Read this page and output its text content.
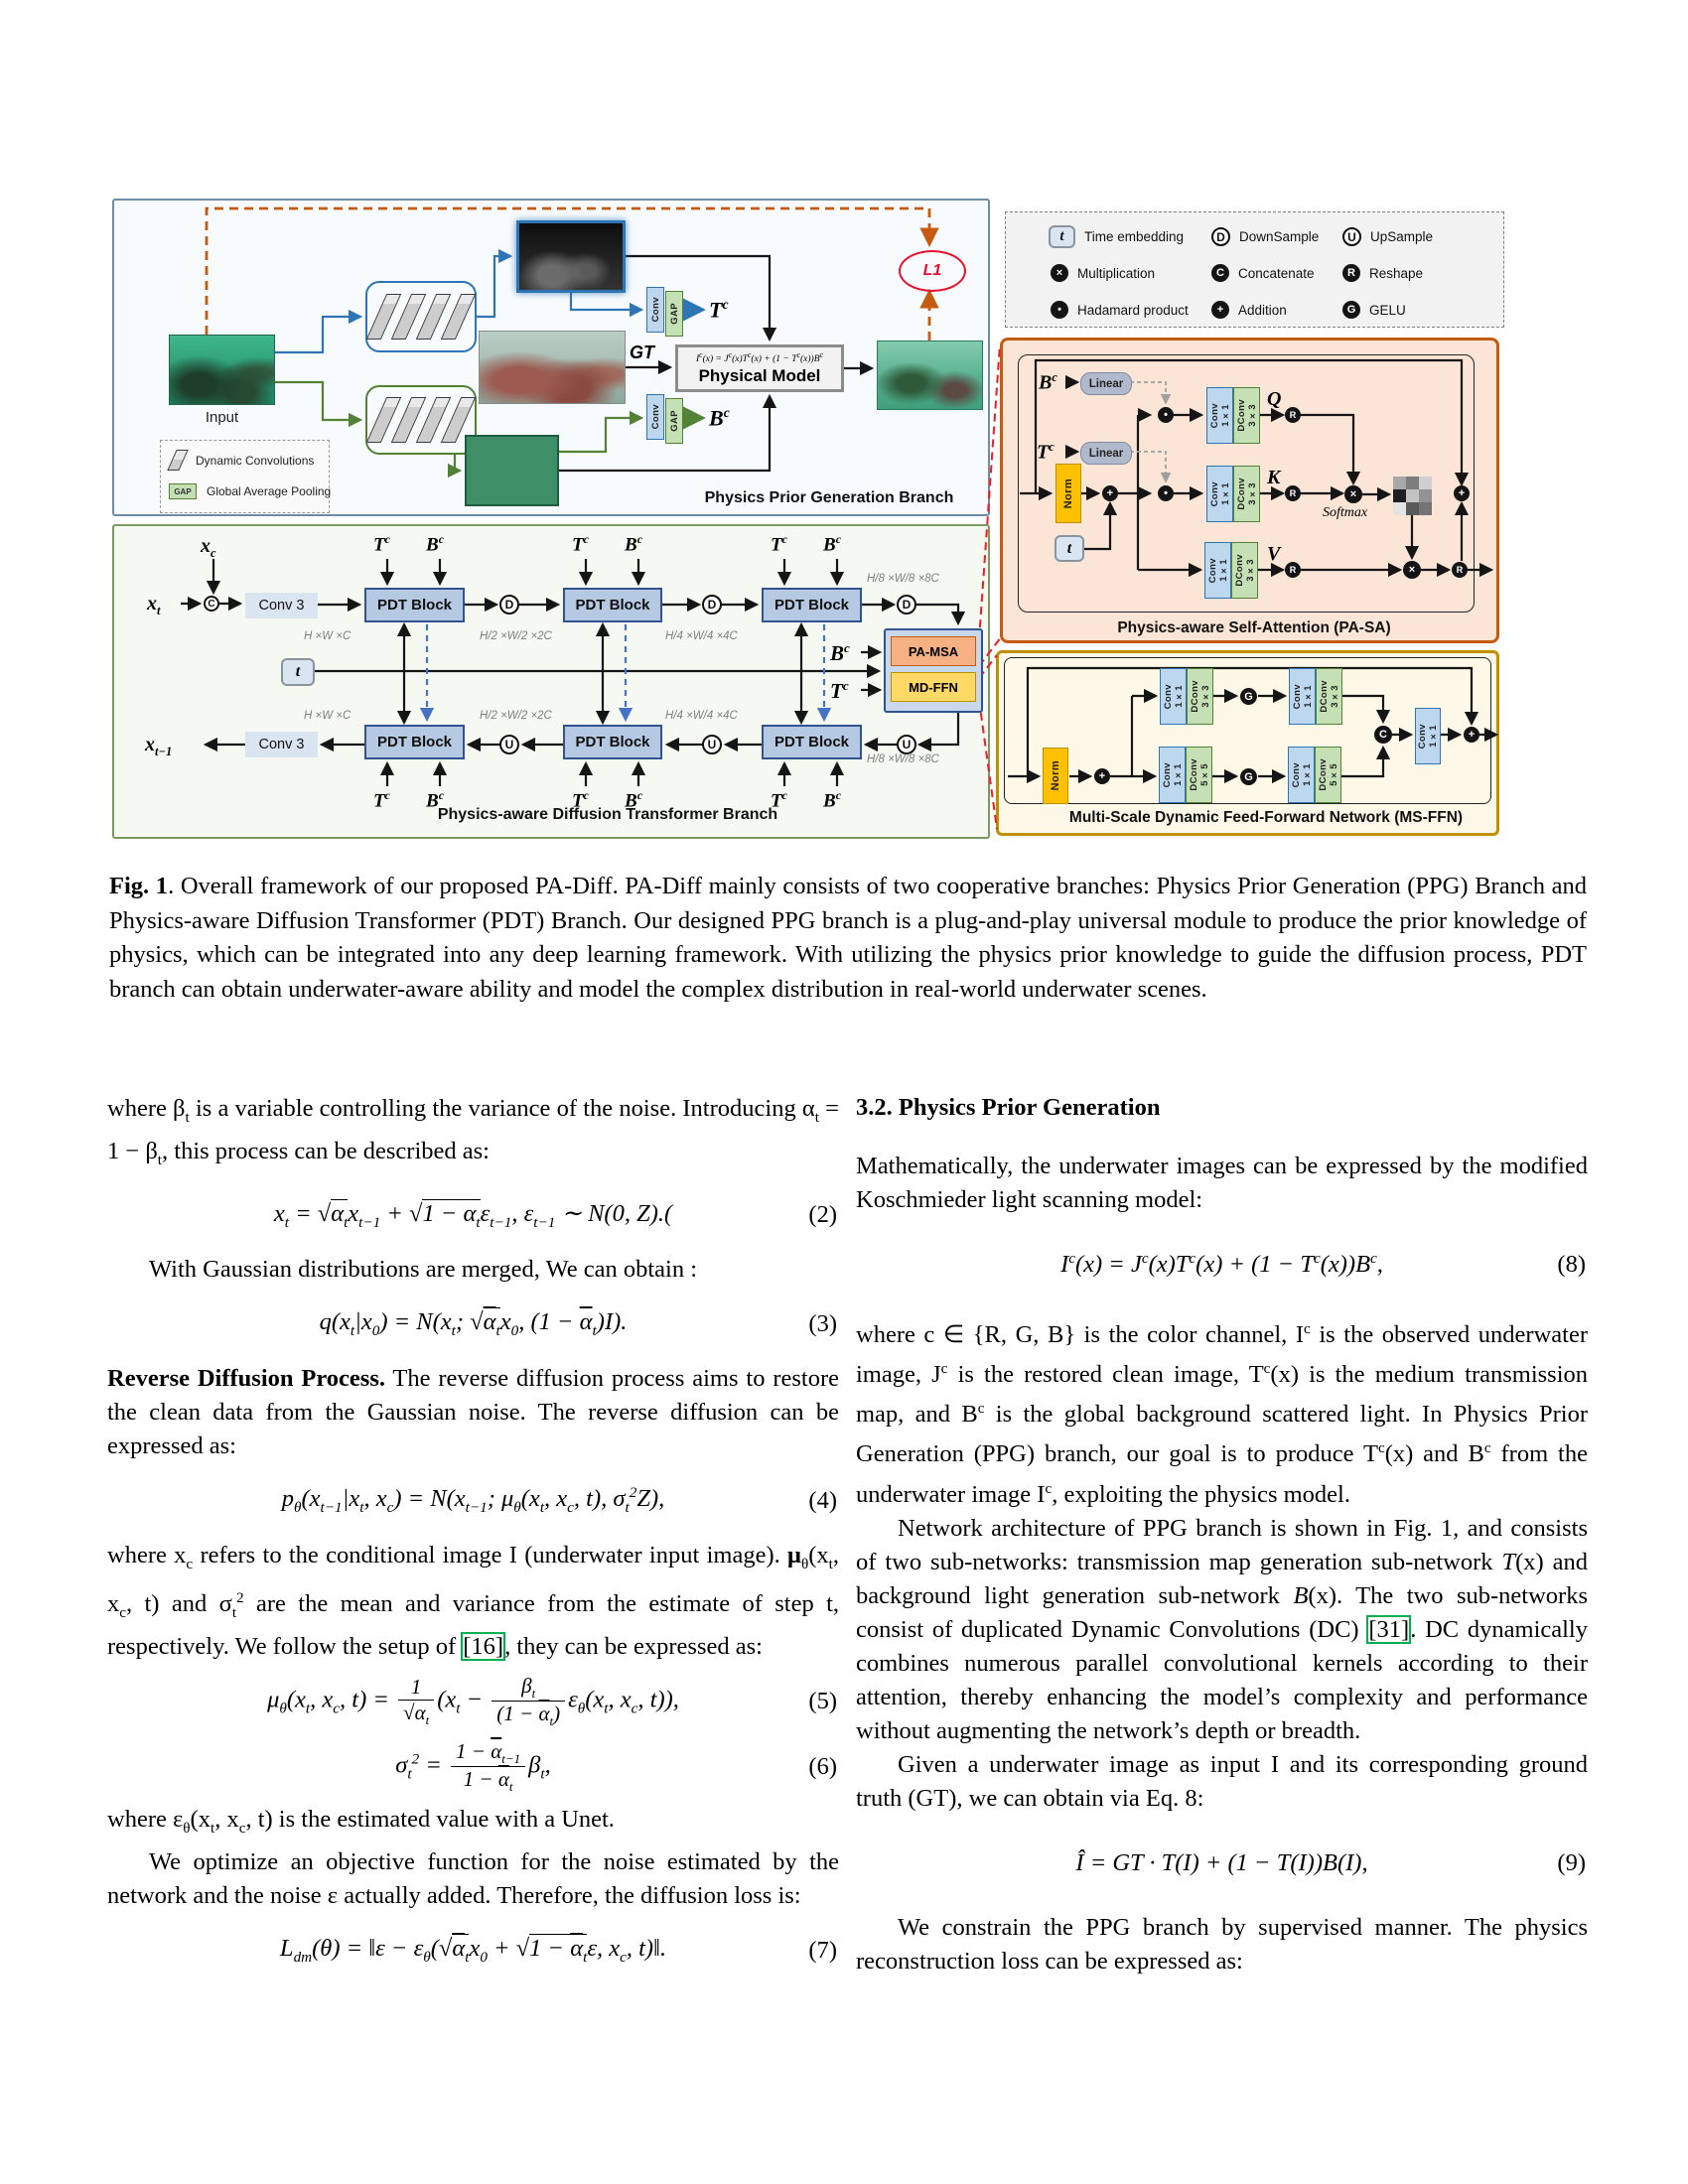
Input
Conv GAP $T^c$
Conv GAP $B^c$
GT	$I^c(x) = J^c(x)T^c(x) + (1 - T^c(x))B^c$
Physical Model
L1
Dynamic Convolutions
GAP	Global Average Pooling	Physics Prior Generation Branch
$x_c$
$x_t$
$x_{t-1}$
C	Conv 3
Conv 3
PDT Block	PDT Block	PDT Block
PDT Block	PDT Block	PDT Block
D	D	D
U	U	U
t
$T^c$ $B^c$	$T^c$ $B^c$	$T^c$ $B^c$
$T^c$ $B^c$	$T^c$ $B^c$	$T^c$ $B^c$
H ×W ×C	H/2 ×W/2 ×2C	H/4 ×W/4 ×4C
H/8 ×W/8 ×8C
H ×W ×C	H/2 ×W/2 ×2C	H/4 ×W/4 ×4C
H/8 ×W/8 ×8C
PA-MSA
MD-FFN
$B^c$
$T^c$
Physics-aware Diffusion Transformer Branch
t Time embedding	D DownSample U UpSample
× Multiplication	C Concatenate	R Reshape
• Hadamard product	+ Addition	G GELU
$B^c$	Linear
$T^c$	Linear
Norm
t
+
•
•
Conv 1×1 DConv 3×3
Conv 1×1 DConv 3×3
Conv 1×1 DConv 3×3
Q
K
V
R
R
R
×
Softmax
×	R
+
Physics-aware Self-Attention (PA-SA)
Norm	+
Conv 1×1 DConv 3×3	G	Conv 1×1 DConv 3×3
Conv 1×1 DConv 5×5	G	Conv 1×1 DConv 5×5
C	Conv 1×1	+
Multi-Scale Dynamic Feed-Forward Network (MS-FFN)
Fig. 1. Overall framework of our proposed PA-Diff. PA-Diff mainly consists of two cooperative branches: Physics Prior Generation (PPG) Branch and Physics-aware Diffusion Transformer (PDT) Branch. Our designed PPG branch is a plug-and-play universal module to produce the prior knowledge of physics, which can be integrated into any deep learning framework. With utilizing the physics prior knowledge to guide the diffusion process, PDT branch can obtain underwater-aware ability and model the complex distribution in real-world underwater scenes.

where $\beta_t$ is a variable controlling the variance of the noise. Introducing $\alpha_t = 1 - \beta_t$, this process can be described as:

$x_t = √\alpha_tx_{t-1} + √1 - \alpha_t\varepsilon_{t-1}$, $\varepsilon_{t-1}$ ∼ N(0, Z).(	(2)

With Gaussian distributions are merged, We can obtain :

$q(x_t|x_0) = N(x_t$; $√\alpha_tx_0$, $(1 - \overline{\alpha}_t)I$).	(3)

Reverse Diffusion Process. The reverse diffusion process aims to restore the clean data from the Gaussian noise. The reverse diffusion can be expressed as:

$p_\theta(x_{t-1}|x_t$, $x_c) = N(x_{t-1}$; $\mu_\theta(x_t$, $x_c$, t), $\sigma_t^2Z$),	(4)

where $x_c$ refers to the conditional image I (underwater input image). $\mu_\theta(x_t$, $x_c$, t) and $\sigma_t^2$ are the mean and variance from the estimate of step t, respectively. We follow the setup of [16], they can be expressed as:

$\mu_\theta(x_t$, $x_c$, $t) = \frac{1}{√\alpha_t} (x_t - \frac{\beta_t}{(1 - \overline{\alpha}_t)} \varepsilon_\theta(x_t$, $x_c$, t)),	(5)
$\sigma_t^2 = \frac{1 - \overline{\alpha}_{t-1}}{1 - \overline{\alpha}_t} \beta_t$,	(6)

where $\varepsilon_\theta(x_t$, $x_c$, t) is the estimated value with a Unet.

We optimize an objective function for the noise estimated by the network and the noise ε actually added. Therefore, the diffusion loss is:

$L_{dm}(\theta)$ = ‖ε − $\varepsilon_\theta(√\alpha_tx_0 + √1 - \overline{\alpha}_t\varepsilon$, $x_c$, t)‖.	(7)
3.2. Physics Prior Generation

Mathematically, the underwater images can be expressed by the modified Koschmieder light scanning model:

$I^c(x) = J^c(x)T^c(x) + (1 - T^c(x))B^c$,	(8)

where c ∈ {R, G, B} is the color channel, $I^c$ is the observed underwater image, $J^c$ is the restored clean image, $T^c(x)$ is the medium transmission map, and $B^c$ is the global background scattered light. In Physics Prior Generation (PPG) branch, our goal is to produce $T^c(x)$ and $B^c$ from the underwater image $I^c$, exploiting the physics model.

Network architecture of PPG branch is shown in Fig. 1, and consists of two sub-networks: transmission map generation sub-network T(x) and background light generation sub-network B(x). The two sub-networks consist of duplicated Dynamic Convolutions (DC) [31]. DC dynamically combines numerous parallel convolutional kernels according to their attention, thereby enhancing the model’s complexity and performance without augmenting the network’s depth or breadth.

Given a underwater image as input I and its corresponding ground truth (GT), we can obtain via Eq. 8:

Î = GT · T(I) + (1 − T(I))B(I),	(9)

We constrain the PPG branch by supervised manner. The physics reconstruction loss can be expressed as:
